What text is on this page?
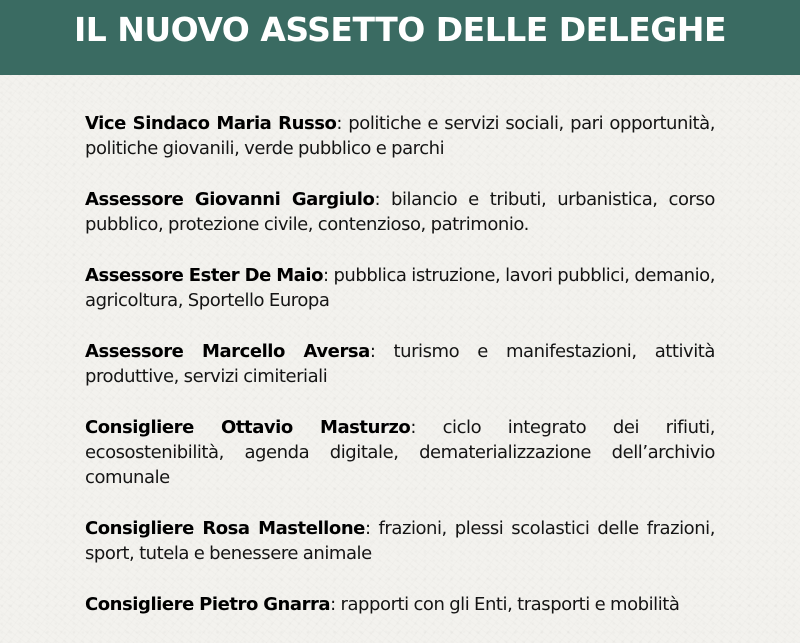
IL NUOVO ASSETTO DELLE DELEGHE

Vice Sindaco Maria Russo: politiche e servizi sociali, pari opportunità, politiche giovanili, verde pubblico e parchi

Assessore Giovanni Gargiulo: bilancio e tributi, urbanistica, corso pubblico, protezione civile, contenzioso, patrimonio.

Assessore Ester De Maio: pubblica istruzione, lavori pubblici, demanio, agricoltura, Sportello Europa

Assessore Marcello Aversa: turismo e manifestazioni, attività produttive, servizi cimiteriali

Consigliere Ottavio Masturzo: ciclo integrato dei rifiuti, ecosostenibilità, agenda digitale, dematerializzazione dell’archivio comunale

Consigliere Rosa Mastellone: frazioni, plessi scolastici delle frazioni, sport, tutela e benessere animale

Consigliere Pietro Gnarra: rapporti con gli Enti, trasporti e mobilità
